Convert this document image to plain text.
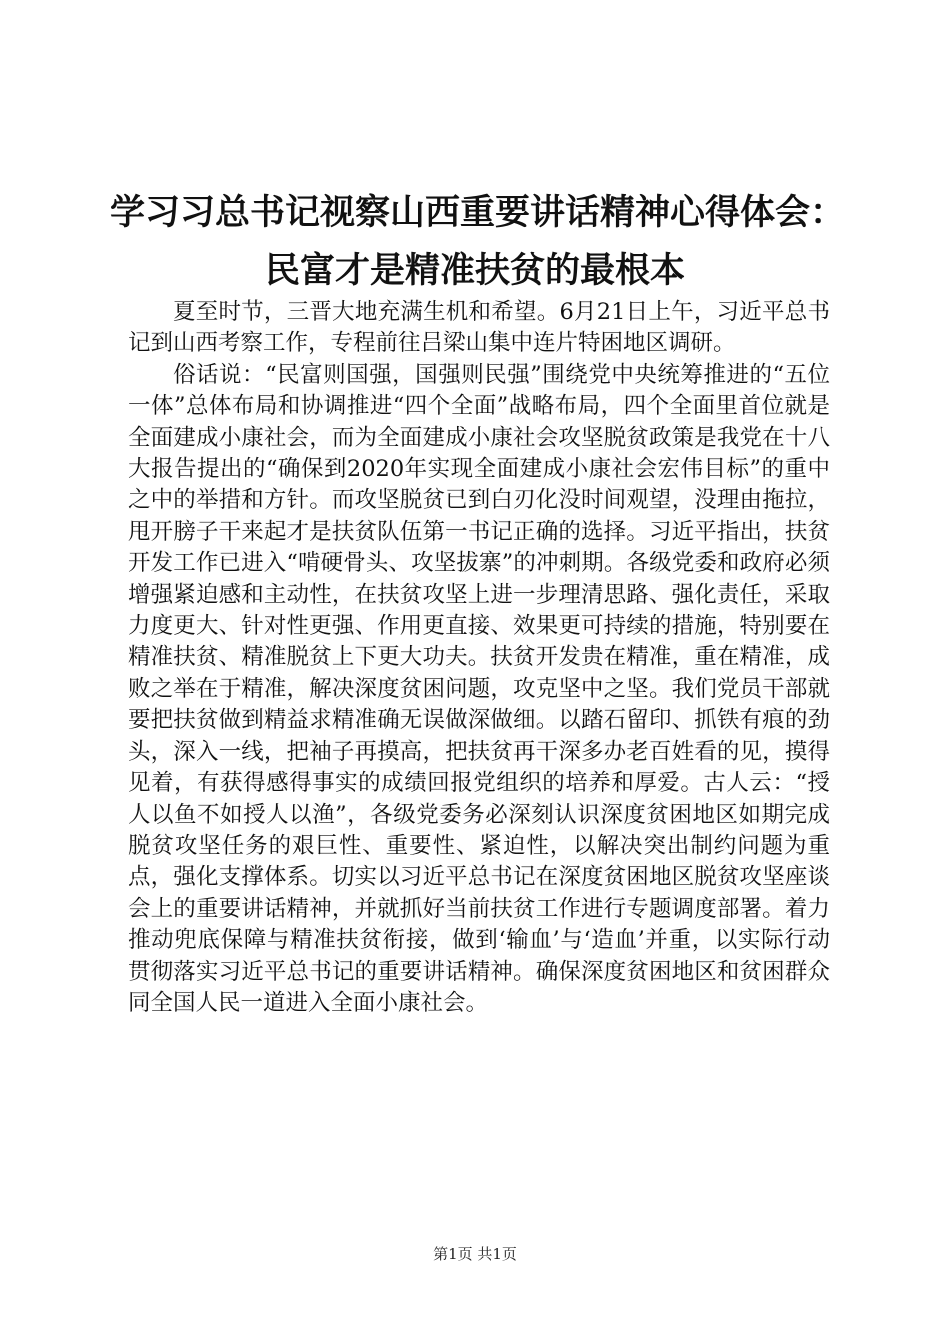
学习习总书记视察山西重要讲话精神心得体会：
民富才是精准扶贫的最根本

夏至时节，三晋大地充满生机和希望。6月21日上午，习近平总书记到山西考察工作，专程前往吕梁山集中连片特困地区调研。

俗话说：“民富则国强，国强则民强”围绕党中央统筹推进的“五位一体”总体布局和协调推进“四个全面”战略布局，四个全面里首位就是全面建成小康社会，而为全面建成小康社会攻坚脱贫政策是我党在十八大报告提出的“确保到2020年实现全面建成小康社会宏伟目标”的重中之中的举措和方针。而攻坚脱贫已到白刃化没时间观望，没理由拖拉，甩开膀子干来起才是扶贫队伍第一书记正确的选择。习近平指出，扶贫开发工作已进入“啃硬骨头、攻坚拔寨”的冲刺期。各级党委和政府必须增强紧迫感和主动性，在扶贫攻坚上进一步理清思路、强化责任，采取力度更大、针对性更强、作用更直接、效果更可持续的措施，特别要在精准扶贫、精准脱贫上下更大功夫。扶贫开发贵在精准，重在精准，成败之举在于精准，解决深度贫困问题，攻克坚中之坚。我们党员干部就要把扶贫做到精益求精准确无误做深做细。以踏石留印、抓铁有痕的劲头，深入一线，把袖子再摸高，把扶贫再干深多办老百姓看的见，摸得见着，有获得感得事实的成绩回报党组织的培养和厚爱。古人云：“授人以鱼不如授人以渔”，各级党委务必深刻认识深度贫困地区如期完成脱贫攻坚任务的艰巨性、重要性、紧迫性，以解决突出制约问题为重点，强化支撑体系。切实以习近平总书记在深度贫困地区脱贫攻坚座谈会上的重要讲话精神，并就抓好当前扶贫工作进行专题调度部署。着力推动兜底保障与精准扶贫衔接，做到‘输血’与‘造血’并重，以实际行动贯彻落实习近平总书记的重要讲话精神。确保深度贫困地区和贫困群众同全国人民一道进入全面小康社会。

第1页 共1页
